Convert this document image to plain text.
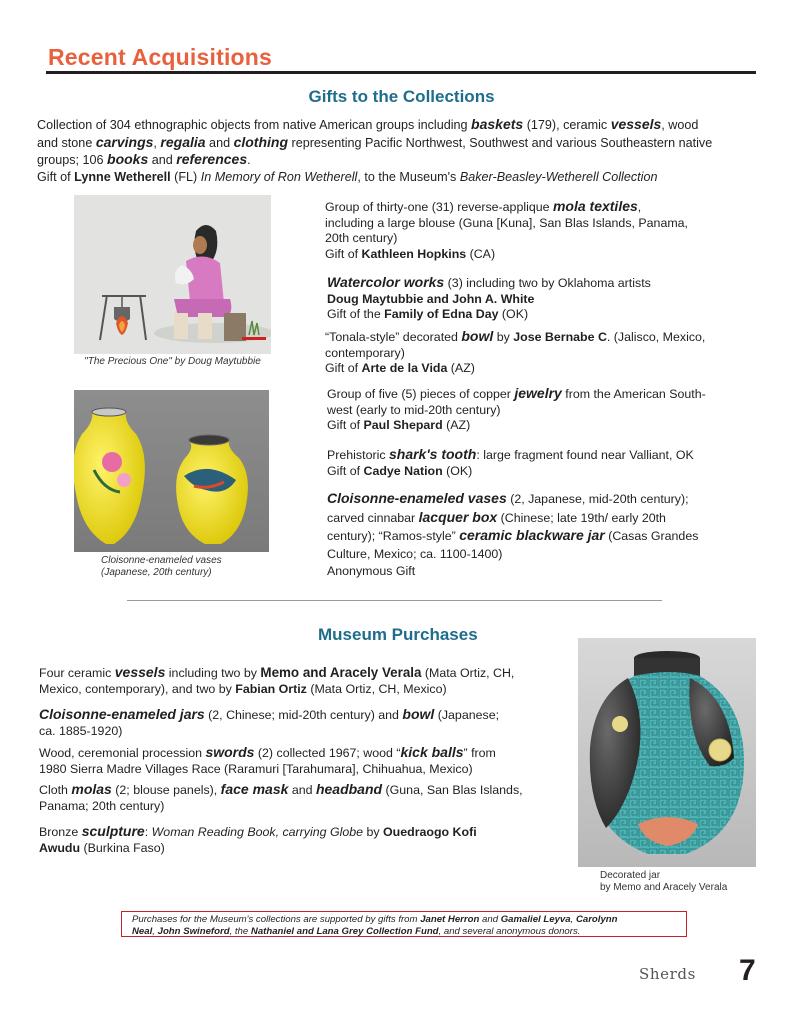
Recent Acquisitions
Gifts to the Collections
Collection of 304 ethnographic objects from native American groups including baskets (179), ceramic vessels, wood
and stone carvings, regalia and clothing representing Pacific Northwest, Southwest and various Southeastern native
groups; 106 books and references.
Gift of Lynne Wetherell (FL) In Memory of Ron Wetherell, to the Museum's Baker-Beasley-Wetherell Collection
"The Precious One" by Doug Maytubbie
Cloisonne-enameled vases
(Japanese, 20th century)
Group of thirty-one (31) reverse-applique mola textiles,
including a large blouse (Guna [Kuna], San Blas Islands, Panama,
20th century)
Gift of Kathleen Hopkins (CA)
Watercolor works (3) including two by Oklahoma artists
Doug Maytubbie and John A. White
Gift of the Family of Edna Day (OK)
“Tonala-style” decorated bowl by Jose Bernabe C. (Jalisco, Mexico,
contemporary)
Gift of Arte de la Vida (AZ)
Group of five (5) pieces of copper jewelry from the American South-
west (early to mid-20th century)
Gift of Paul Shepard (AZ)
Prehistoric shark's tooth: large fragment found near Valliant, OK
Gift of Cadye Nation (OK)
Cloisonne-enameled vases (2, Japanese, mid-20th century);
carved cinnabar lacquer box (Chinese; late 19th/ early 20th
century); “Ramos-style” ceramic blackware jar (Casas Grandes
Culture, Mexico; ca. 1100-1400)
Anonymous Gift
Museum Purchases
Four ceramic vessels including two by Memo and Aracely Verala (Mata Ortiz, CH,
Mexico, contemporary), and two by Fabian Ortiz (Mata Ortiz, CH, Mexico)
Cloisonne-enameled jars (2, Chinese; mid-20th century) and bowl (Japanese;
ca. 1885-1920)
Wood, ceremonial procession swords (2) collected 1967; wood “kick balls” from
1980 Sierra Madre Villages Race (Raramuri [Tarahumara], Chihuahua, Mexico)
Cloth molas (2; blouse panels), face mask and headband (Guna, San Blas Islands,
Panama; 20th century)
Bronze sculpture: Woman Reading Book, carrying Globe by Ouedraogo Kofi
Awudu (Burkina Faso)
Decorated jar
by Memo and Aracely Verala
Purchases for the Museum's collections are supported by gifts from Janet Herron and Gamaliel Leyva, Carolynn
Neal, John Swineford, the Nathaniel and Lana Grey Collection Fund, and several anonymous donors.
Sherds 7
